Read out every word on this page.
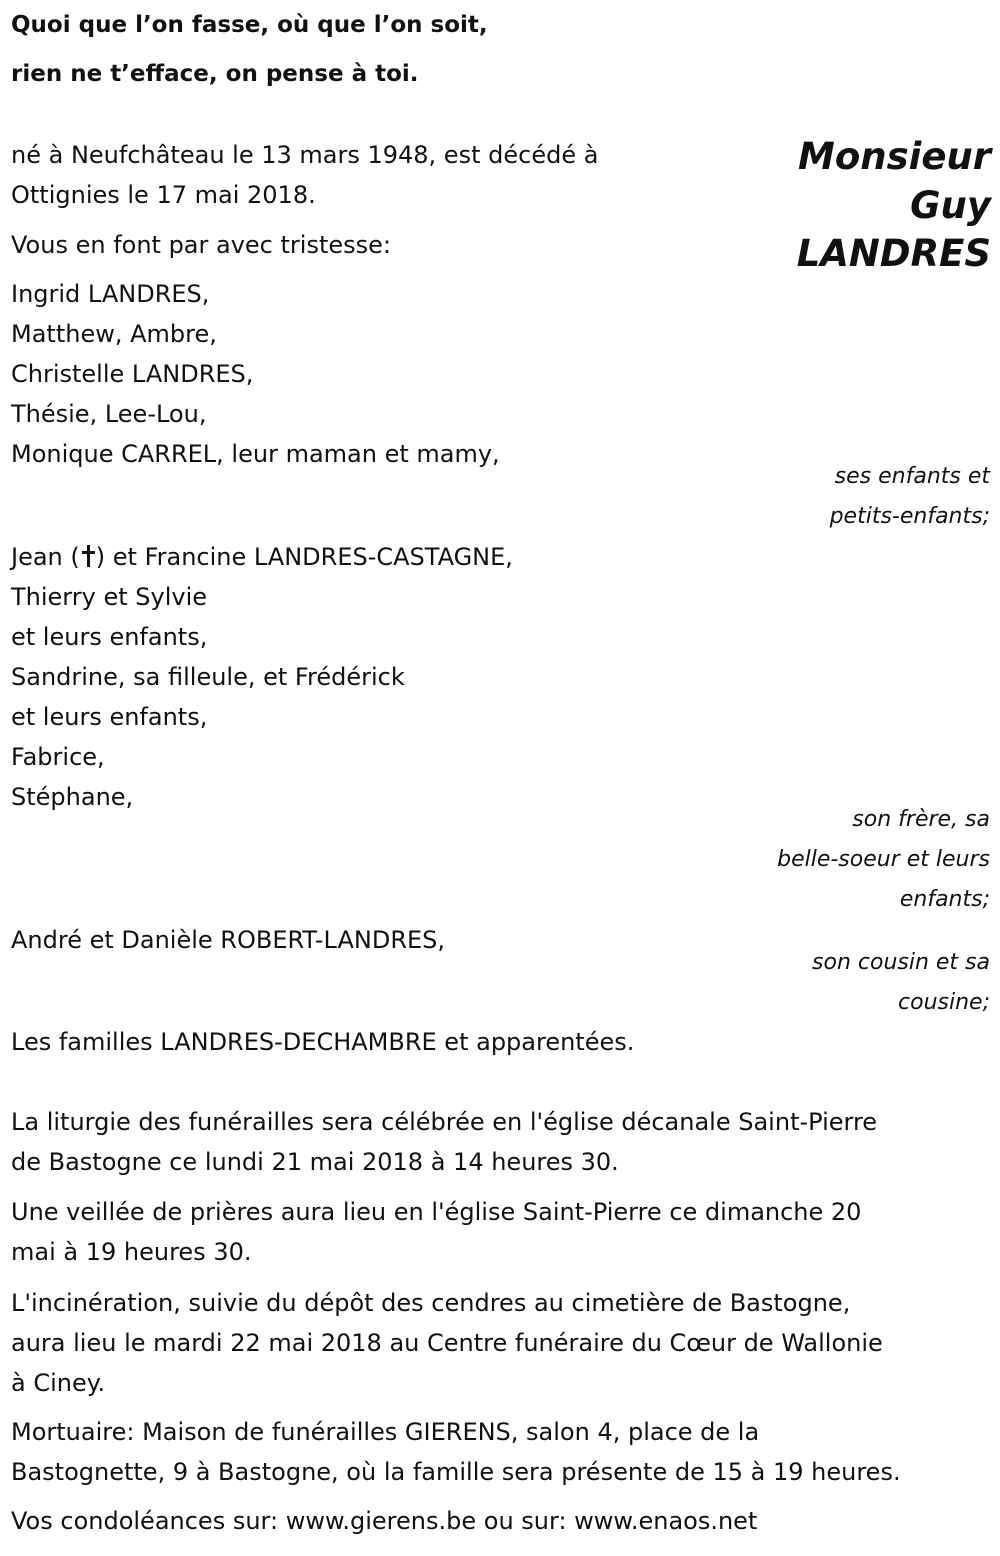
Quoi que l’on fasse, où que l’on soit,
rien ne t’efface, on pense à toi.
Monsieur
Guy
LANDRES
né à Neufchâteau le 13 mars 1948, est décédé à
Ottignies le 17 mai 2018.
Vous en font par avec tristesse:
Ingrid LANDRES,
Matthew, Ambre,
Christelle LANDRES,
Thésie, Lee-Lou,
Monique CARREL, leur maman et mamy,
ses enfants et
petits-enfants;
Jean ( ) et Francine LANDRES-CASTAGNE,
Thierry et Sylvie
et leurs enfants,
Sandrine, sa filleule, et Frédérick
et leurs enfants,
Fabrice,
Stéphane,
son frère, sa
belle-soeur et leurs
enfants;
André et Danièle ROBERT-LANDRES,
son cousin et sa
cousine;
Les familles LANDRES-DECHAMBRE et apparentées.
La liturgie des funérailles sera célébrée en l'église décanale Saint-Pierre
de Bastogne ce lundi 21 mai 2018 à 14 heures 30.
Une veillée de prières aura lieu en l'église Saint-Pierre ce dimanche 20
mai à 19 heures 30.
L'incinération, suivie du dépôt des cendres au cimetière de Bastogne,
aura lieu le mardi 22 mai 2018 au Centre funéraire du Cœur de Wallonie
à Ciney.
Mortuaire: Maison de funérailles GIERENS, salon 4, place de la
Bastognette, 9 à Bastogne, où la famille sera présente de 15 à 19 heures.
Vos condoléances sur: www.gierens.be ou sur: www.enaos.net
